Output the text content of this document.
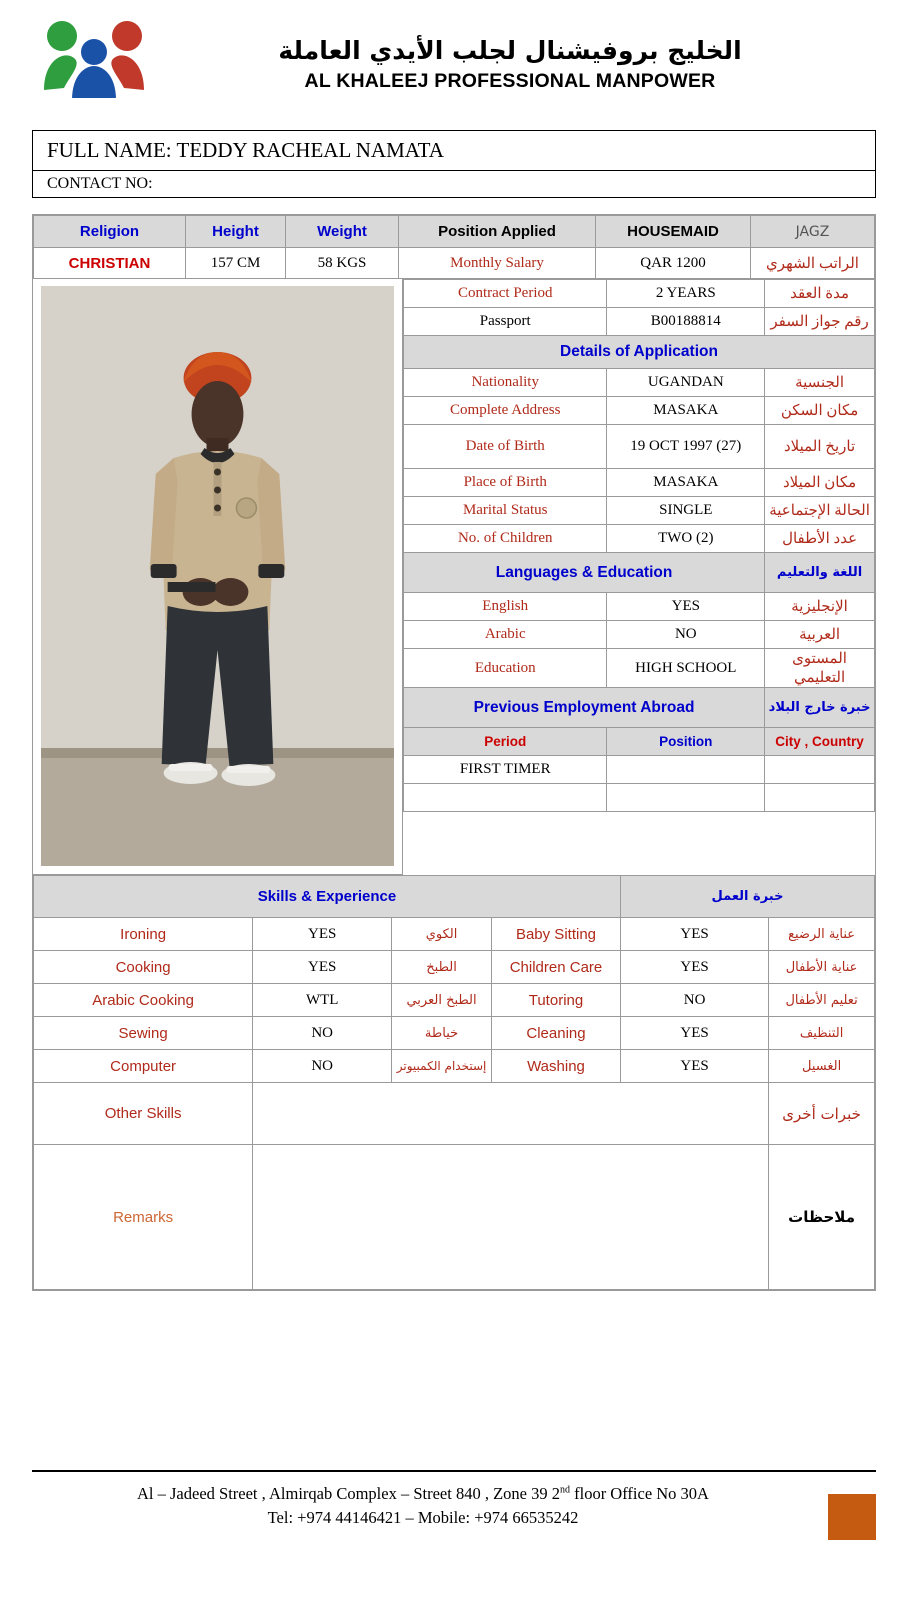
الخليج بروفيشنال لجلب الأيدي العاملة
AL KHALEEJ PROFESSIONAL MANPOWER
FULL NAME: TEDDY RACHEAL NAMATA
CONTACT NO:
Religion	Height	Weight	Position Applied	HOUSEMAID	JAGZ
CHRISTIAN	157 CM	58 KGS	Monthly Salary	QAR 1200	الراتب الشهري
Contract Period	2 YEARS	مدة العقد
Passport	B00188814	رقم جواز السفر
Details of Application		
Nationality	UGANDAN	الجنسية
Complete Address	MASAKA	مكان السكن
Date of Birth	19 OCT 1997 (27)	تاريخ الميلاد
Place of Birth	MASAKA	مكان الميلاد
Marital Status	SINGLE	الحالة الإجتماعية
No. of Children	TWO (2)	عدد الأطفال
Languages & Education		اللغة والتعليم
English	YES	الإنجليزية
Arabic	NO	العربية
Education	HIGH SCHOOL	المستوى التعليمي
Previous Employment Abroad		خبرة خارج البلاد
Period	Position	City , Country
FIRST TIMER		

Skills & Experience				خبرة العمل	
Ironing	YES	الكوي	Baby Sitting	YES	عناية الرضيع
Cooking	YES	الطبخ	Children Care	YES	عناية الأطفال
Arabic Cooking	WTL	الطبخ العربي	Tutoring	NO	تعليم الأطفال
Sewing	NO	خياطة	Cleaning	YES	التنظيف
Computer	NO	إستخدام الكمبيوتر	Washing	YES	الغسيل
Other Skills					خبرات أخرى
Remarks					ملاحظات
Al – Jadeed Street , Almirqab Complex – Street 840 , Zone 39 2nd floor Office No 30A
Tel: +974 44146421 – Mobile: +974 66535242
